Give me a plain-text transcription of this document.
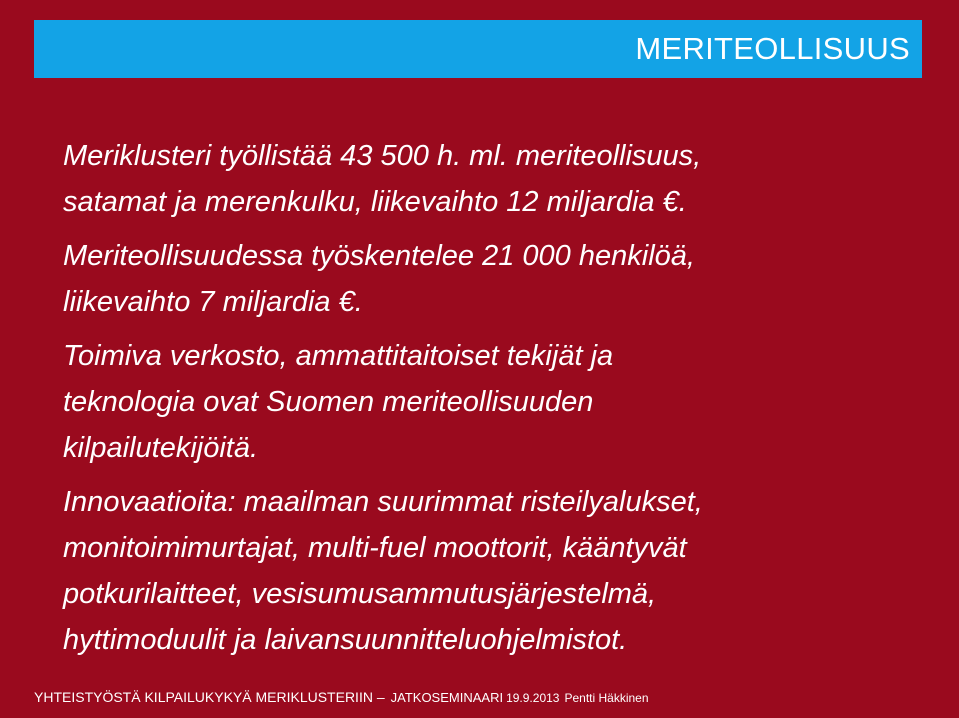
MERITEOLLISUUS

Meriklusteri työllistää 43 500 h. ml. meriteollisuus,
satamat ja merenkulku, liikevaihto 12 miljardia €.

Meriteollisuudessa työskentelee 21 000 henkilöä,
liikevaihto 7 miljardia €.

Toimiva verkosto, ammattitaitoiset tekijät ja
teknologia ovat Suomen meriteollisuuden
kilpailutekijöitä.

Innovaatioita: maailman suurimmat risteilyalukset,
monitoimimurtajat, multi-fuel moottorit, kääntyvät
potkurilaitteet, vesisumusammutusjärjestelmä,
hyttimoduulit ja laivansuunnitteluohjelmistot.

YHTEISTYÖSTÄ KILPAILUKYKYÄ MERIKLUSTERIIN – JATKOSEMINAARI 19.9.2013 Pentti Häkkinen
